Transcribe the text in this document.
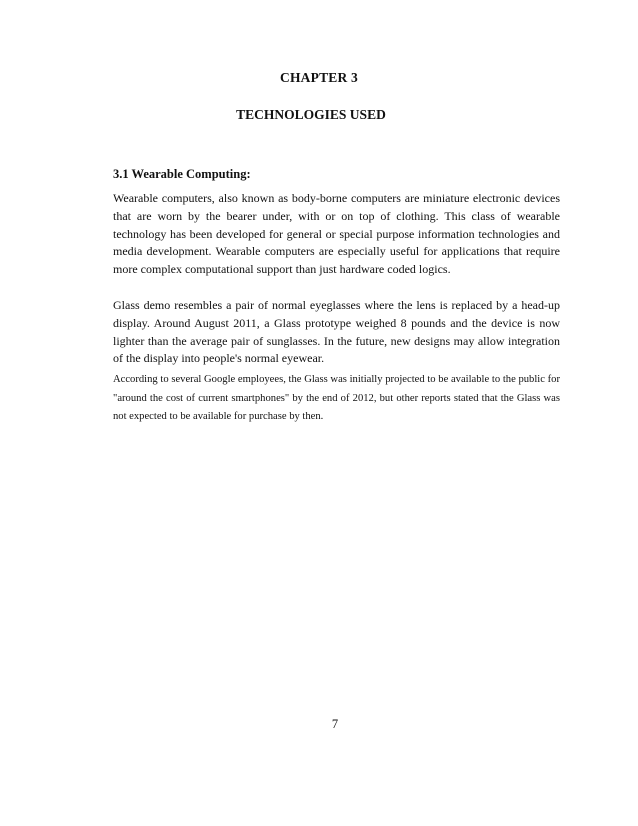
CHAPTER 3
TECHNOLOGIES USED
3.1 Wearable Computing:

Wearable computers, also known as body-borne computers are miniature electronic devices that are worn by the bearer under, with or on top of clothing. This class of wearable technology has been developed for general or special purpose information technologies and media development. Wearable computers are especially useful for applications that require more complex computational support than just hardware coded logics.

Glass demo resembles a pair of normal eyeglasses where the lens is replaced by a head-up display. Around August 2011, a Glass prototype weighed 8 pounds and the device is now lighter than the average pair of sunglasses. In the future, new designs may allow integration of the display into people's normal eyewear.

According to several Google employees, the Glass was initially projected to be available to the public for "around the cost of current smartphones" by the end of 2012, but other reports stated that the Glass was not expected to be available for purchase by then.

7
